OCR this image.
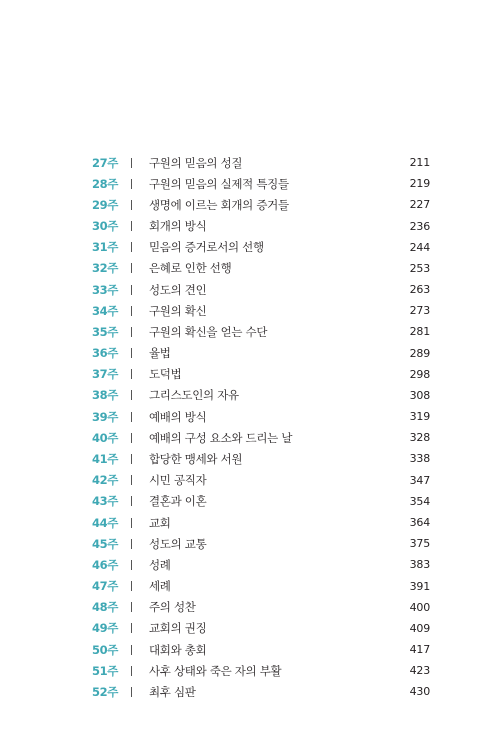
27주	구원의 믿음의 성질	211
28주	구원의 믿음의 실제적 특징들	219
29주	생명에 이르는 회개의 증거들	227
30주	회개의 방식	236
31주	믿음의 증거로서의 선행	244
32주	은혜로 인한 선행	253
33주	성도의 견인	263
34주	구원의 확신	273
35주	구원의 확신을 얻는 수단	281
36주	율법	289
37주	도덕법	298
38주	그리스도인의 자유	308
39주	예배의 방식	319
40주	예배의 구성 요소와 드리는 날	328
41주	합당한 맹세와 서원	338
42주	시민 공직자	347
43주	결혼과 이혼	354
44주	교회	364
45주	성도의 교통	375
46주	성례	383
47주	세례	391
48주	주의 성찬	400
49주	교회의 권징	409
50주	대회와 총회	417
51주	사후 상태와 죽은 자의 부활	423
52주	최후 심판	430
